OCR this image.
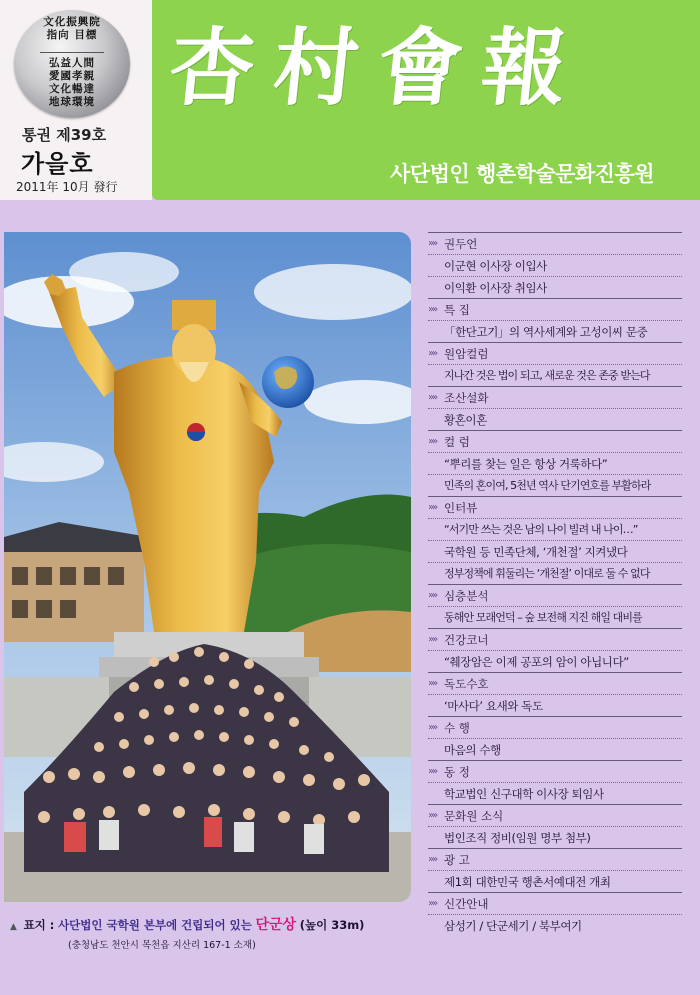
文化振興院
指向 目標
弘益人間
愛國孝親
文化暢達
地球環境
통권 제39호
가을호
2011年 10月 發行
杏村會報
사단법인 행촌학술문화진흥원
»» 권두언
이군현 이사장 이입사
이익환 이사장 취임사
»» 특 집
「한단고기」의 역사세계와 고성이씨 문중
»» 원암컬럼
지나간 것은 법이 되고, 새로운 것은 존중 받는다
»» 조산설화
황혼이혼
»» 컬 럼
“뿌리를 찾는 일은 항상 거룩하다”
민족의 혼이여, 5천년 역사 단기연호를 부활하라
»» 인터뷰
“서기만 쓰는 것은 남의 나이 빌려 내 나이…”
국학원 등 민족단체, ‘개천절’ 지켜냈다
정부정책에 휘둘리는 ‘개천절’ 이대로 둘 수 없다
»» 심층분석
동해안 모래언덕 – 숲 보전해 지진 해일 대비를
»» 건강코너
“췌장암은 이제 공포의 암이 아닙니다”
»» 독도수호
‘마사다’ 요새와 독도
»» 수 행
마음의 수행
»» 동 정
학교법인 신구대학 이사장 퇴임사
»» 문화원 소식
법인조직 정비(임원 명부 첨부)
»» 광 고
제1회 대한민국 행촌서예대전 개최
»» 신간안내
삼성기 / 단군세기 / 북부여기
▲ 표지 : 사단법인 국학원 본부에 건립되어 있는 단군상 (높이 33m)
(충청남도 천안시 목천읍 지산리 167-1 소재)
